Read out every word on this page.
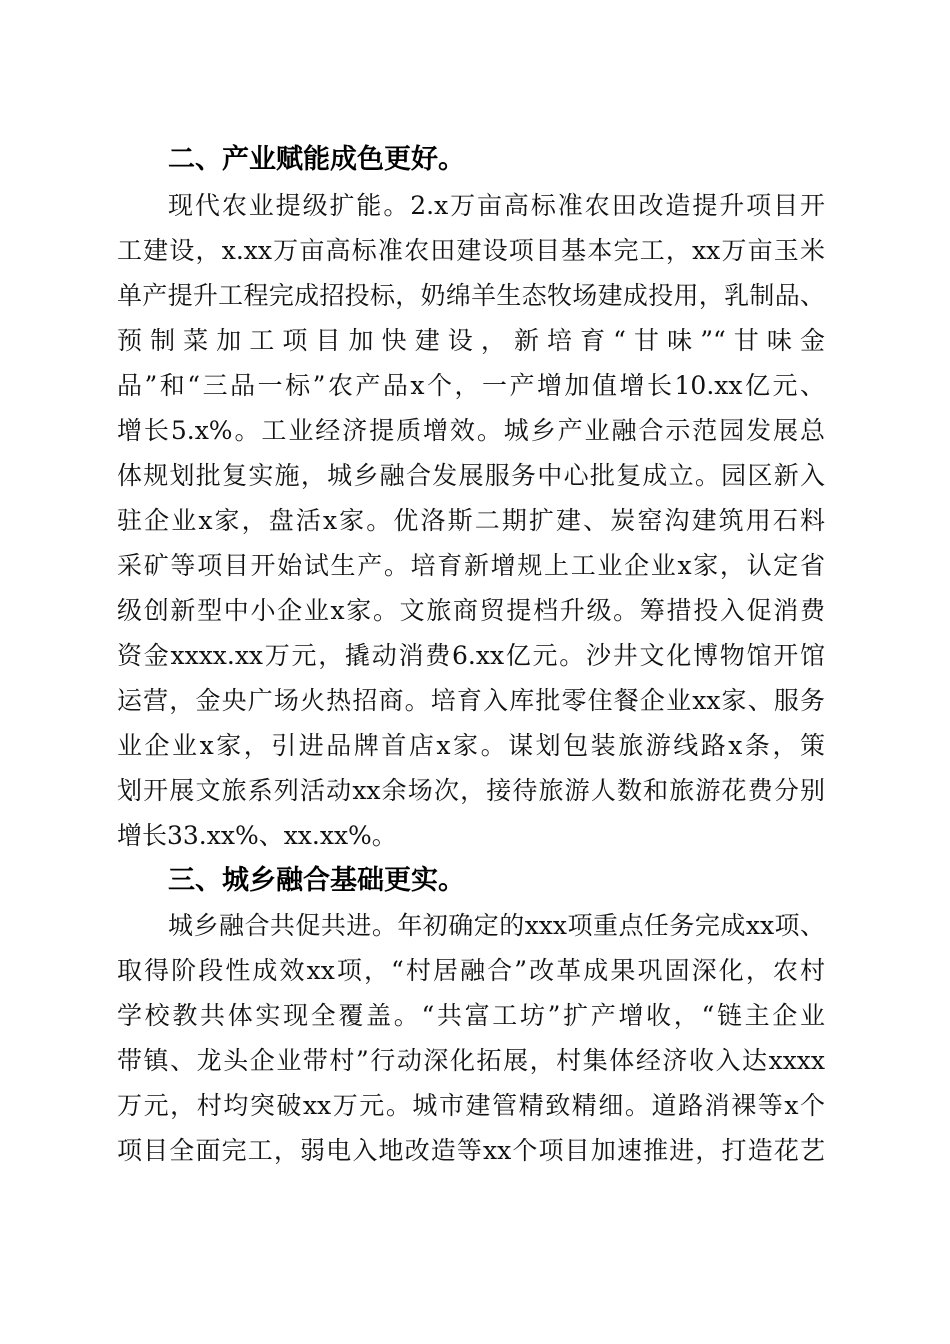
二、产业赋能成色更好。
现代农业提级扩能。2.x万亩高标准农田改造提升项目开
工建设，x.xx万亩高标准农田建设项目基本完工，xx万亩玉米
单产提升工程完成招投标，奶绵羊生态牧场建成投用，乳制品、
预制菜加工项目加快建设，新培育“甘味”“甘味金
品”和“三品一标”农产品x个，一产增加值增长10.xx亿元、
增长5.x%。工业经济提质增效。城乡产业融合示范园发展总
体规划批复实施，城乡融合发展服务中心批复成立。园区新入
驻企业x家，盘活x家。优洛斯二期扩建、炭窑沟建筑用石料
采矿等项目开始试生产。培育新增规上工业企业x家，认定省
级创新型中小企业x家。文旅商贸提档升级。筹措投入促消费
资金xxxx.xx万元，撬动消费6.xx亿元。沙井文化博物馆开馆
运营，金央广场火热招商。培育入库批零住餐企业xx家、服务
业企业x家，引进品牌首店x家。谋划包装旅游线路x条，策
划开展文旅系列活动xx余场次，接待旅游人数和旅游花费分别
增长33.xx%、xx.xx%。
三、城乡融合基础更实。
城乡融合共促共进。年初确定的xxx项重点任务完成xx项、
取得阶段性成效xx项，“村居融合”改革成果巩固深化，农村
学校教共体实现全覆盖。“共富工坊”扩产增收，“链主企业
带镇、龙头企业带村”行动深化拓展，村集体经济收入达xxxx
万元，村均突破xx万元。城市建管精致精细。道路消裸等x个
项目全面完工，弱电入地改造等xx个项目加速推进，打造花艺
